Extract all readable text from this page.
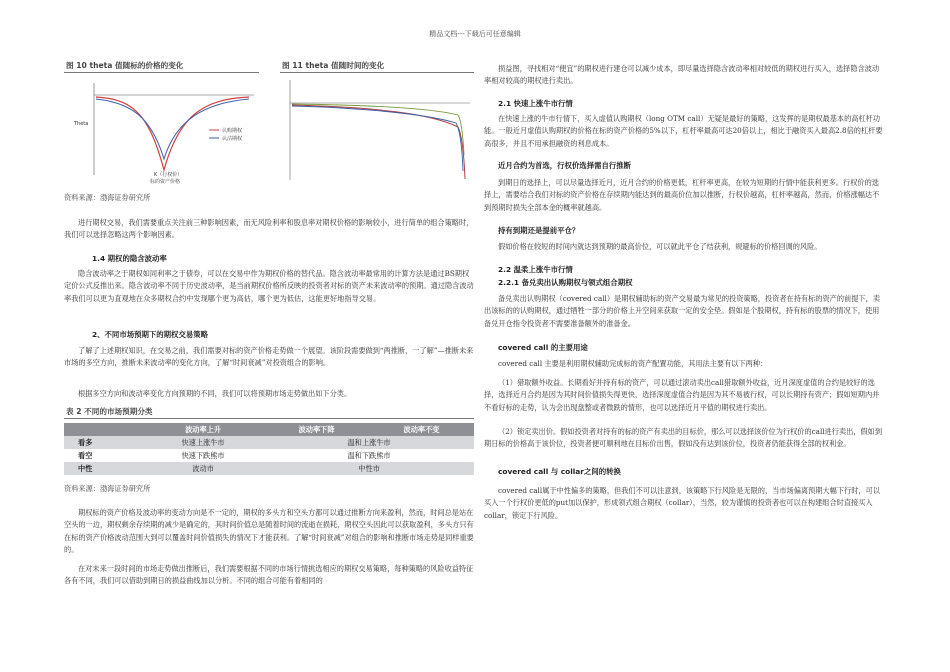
精品文档---下载后可任意编辑
图 10 theta 值随标的价格的变化	图 11 theta 值随时间的变化
Theta
认购期权
认沽期权
K（行权价）
标的资产价格
资料来源：渤海证券研究所

进行期权交易，我们需要重点关注前三种影响因素，而无风险利率和股息率对期权价格的影响较小，进行简单的组合策略时，我们可以选择忽略这两个影响因素。

1.4 期权的隐含波动率

隐含波动率之于期权如同利率之于债券，可以在交易中作为期权价格的替代品。隐含波动率最常用的计算方法是通过BS期权定价公式反推出来。隐含波动率不同于历史波动率，是当前期权价格所反映的投资者对标的资产未来波动率的预期。通过隐含波动率我们可以更为直观地在众多期权合约中发现哪个更为高估，哪个更为低估，这能更好地指导交易。

2、不同市场预期下的期权交易策略

了解了上述期权知识，在交易之前，我们需要对标的资产价格走势做一个展望。该阶段需要做到“两推断，一了解”—推断未来市场的多空方向，推断未来波动率的变化方向，了解“时间衰减”对投资组合的影响。

根据多空方向和波动率变化方向预期的不同，我们可以将预期市场走势做出如下分类。

表 2 不同的市场预期分类
	波动率上升	波动率下降	波动率不变
看多	快速上涨牛市	温和上涨牛市	
看空	快速下跌熊市	温和下跌熊市	
中性	波动市	中性市	
资料来源：渤海证券研究所

期权标的资产价格及波动率的变动方向是不一定的，期权的多头方和空头方都可以通过推断方向来盈利，然而，时间总是站在空头的一边，期权剩余存续期的减少是确定的，其时间价值总是随着时间的流逝在损耗，期权空头因此可以获取盈利，多头方只有在标的资产价格波动范围大到可以覆盖时间价值损失的情况下才能获利。了解“时间衰减”对组合的影响和推断市场走势是同样重要的。

在对未来一段时间的市场走势做出推断后，我们需要根据不同的市场行情挑选相应的期权交易策略，每种策略的风险收益特征各有不同，我们可以借助到期日的损益曲线加以分析。不同的组合可能有着相同的

损益图，寻找相对“便宜”的期权进行建仓可以减少成本，即尽量选择隐含波动率相对较低的期权进行买入，选择隐含波动率相对较高的期权进行卖出。

2.1 快速上涨牛市行情

在快速上涨的牛市行情下，买入虚值认购期权（long OTM call）无疑是最好的策略，这发挥的是期权最基本的高杠杆功能。一般近月虚值认购期权的价格在标的资产价格的5%以下，杠杆率最高可达20倍以上，相比于融资买入最高2.8倍的杠杆要高很多，并且不用承担融资的利息成本。

近月合约为首选，行权价选择需自行推断

到期日的选择上，可以尽量选择近月，近月合约的价格更低，杠杆率更高，在较为短期的行情中能获利更多。行权价的选择上，需要结合我们对标的资产价格在存续期内能达到的最高价位加以推断，行权价越高，杠杆率越高，然而，价格涨幅达不到预期时损失全部本金的概率就越高。

持有到期还是提前平仓？

假如价格在较短的时间内就达到预期的最高价位，可以就此平仓了结获利，规避标的价格回调的风险。

2.2 温柔上涨牛市行情
2.2.1 备兑卖出认购期权与领式组合期权

备兑卖出认购期权（covered call）是期权辅助标的资产交易最为常见的投资策略，投资者在持有标的资产的前提下，卖出该标的的认购期权，通过牺牲一部分的价格上升空间来获取一定的安全垫。假如是个股期权，持有标的股票的情况下，使用备兑开仓指令投资者不需要准备额外的准备金。

covered call 的主要用途

covered call 主要是利用期权辅助完成标的资产配置功能，其用法主要有以下两种：

（1）猎取额外收益。长期看好并持有标的资产，可以通过滚动卖出call猎取额外收益，近月深度虚值的合约是较好的选择，选择近月合约是因为其时间价值损失得更快，选择深度虚值合约是因为其不易被行权，可以长期持有资产；假如短期内并不看好标的走势，认为会出现盘整或者微跌的情形，也可以选择近月平值的期权进行卖出。

（2）锁定卖出价。假如投资者对持有的标的资产有卖出的目标价，那么可以选择该价位为行权价的call进行卖出，假如到期日标的价格高于该价位，投资者便可顺利地在目标价出售，假如没有达到该价位，投资者仍能获得全部的权利金。

covered call 与 collar之间的转换

covered call属于中性偏多的策略，但我们不可以注意到，该策略下行风险是无限的，当市场偏离预期大幅下行时，可以买入一个行权价更低的put加以保护，形成领式组合期权（collar），当然，较为谨慎的投资者也可以在构建组合时直接买入collar，锁定下行风险。
